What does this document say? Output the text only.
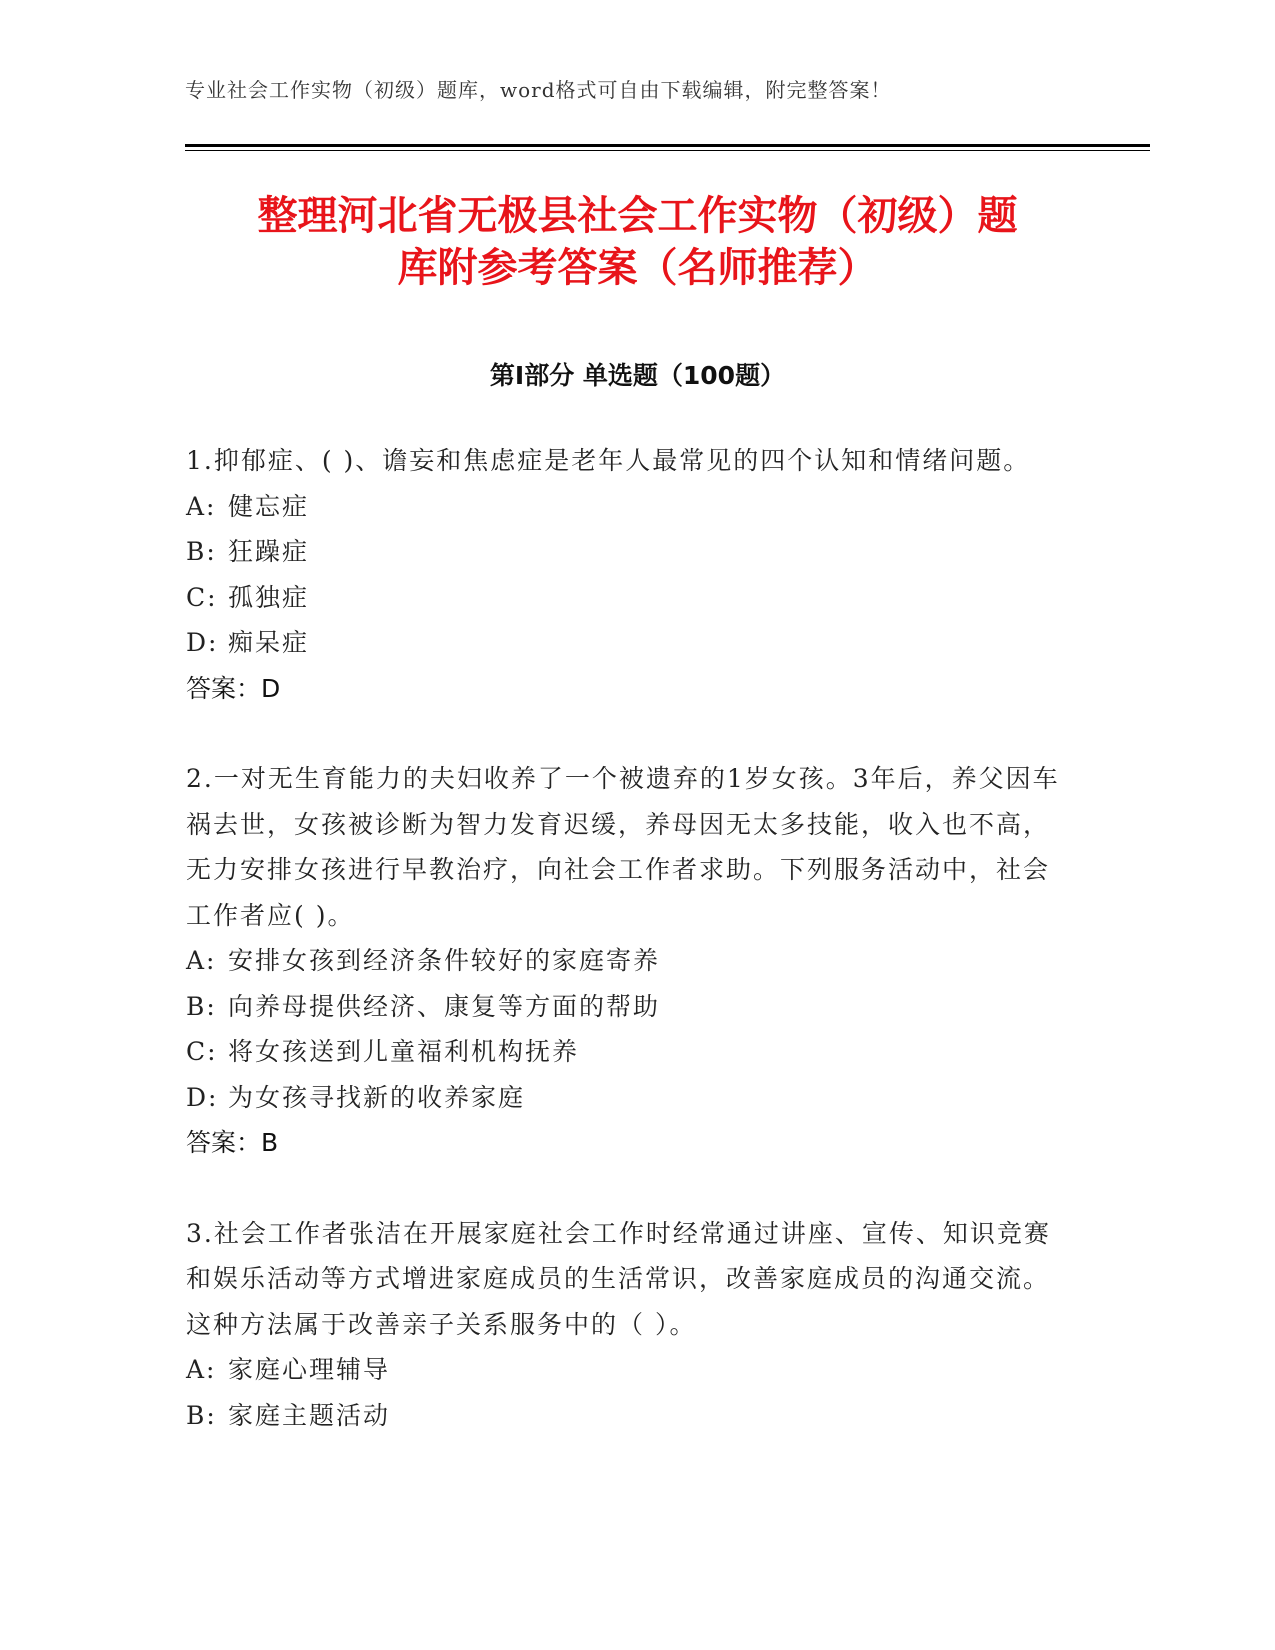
专业社会工作实物（初级）题库，word格式可自由下载编辑，附完整答案！
整理河北省无极县社会工作实物（初级）题
库附参考答案（名师推荐）
第Ⅰ部分 单选题（100题）
1.抑郁症、( )、谵妄和焦虑症是老年人最常见的四个认知和情绪问题。
A: 健忘症
B: 狂躁症
C: 孤独症
D: 痴呆症
答案：D
2.一对无生育能力的夫妇收养了一个被遗弃的1岁女孩。3年后，养父因车祸去世，女孩被诊断为智力发育迟缓，养母因无太多技能，收入也不高，无力安排女孩进行早教治疗，向社会工作者求助。下列服务活动中，社会工作者应( )。
A: 安排女孩到经济条件较好的家庭寄养
B: 向养母提供经济、康复等方面的帮助
C: 将女孩送到儿童福利机构抚养
D: 为女孩寻找新的收养家庭
答案：B
3.社会工作者张洁在开展家庭社会工作时经常通过讲座、宣传、知识竞赛和娱乐活动等方式增进家庭成员的生活常识，改善家庭成员的沟通交流。这种方法属于改善亲子关系服务中的（ ）。
A: 家庭心理辅导
B: 家庭主题活动
